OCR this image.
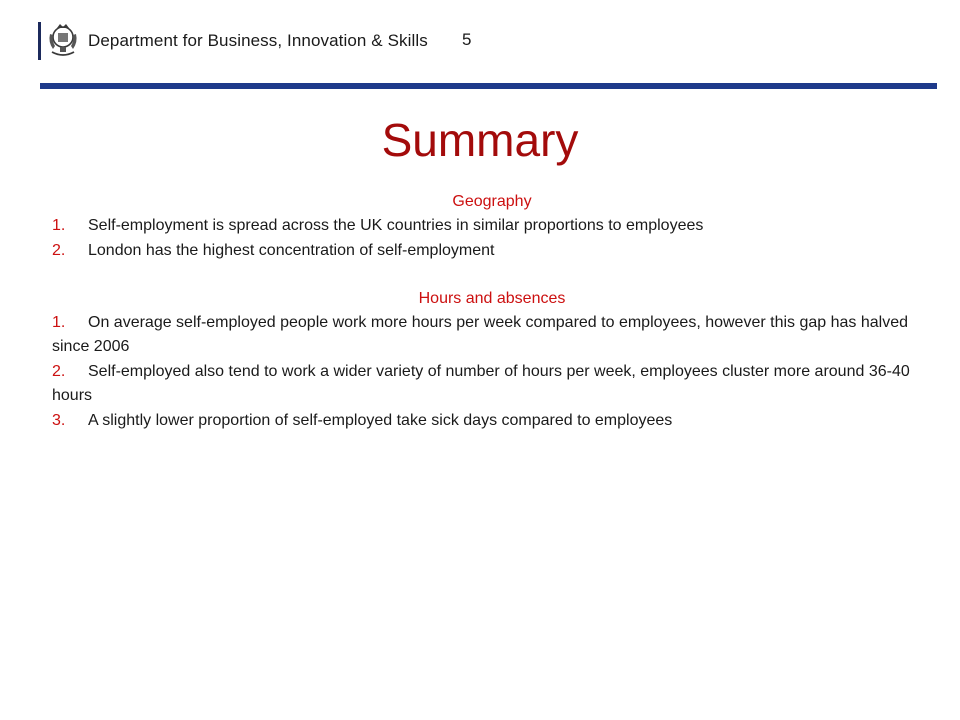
Department for Business, Innovation & Skills 5
Summary

Geography

1. Self-employment is spread across the UK countries in similar proportions to employees
2. London has the highest concentration of self-employment

Hours and absences

1. On average self-employed people work more hours per week compared to employees, however this gap has halved since 2006
2. Self-employed also tend to work a wider variety of number of hours per week, employees cluster more around 36-40 hours
3. A slightly lower proportion of self-employed take sick days compared to employees
